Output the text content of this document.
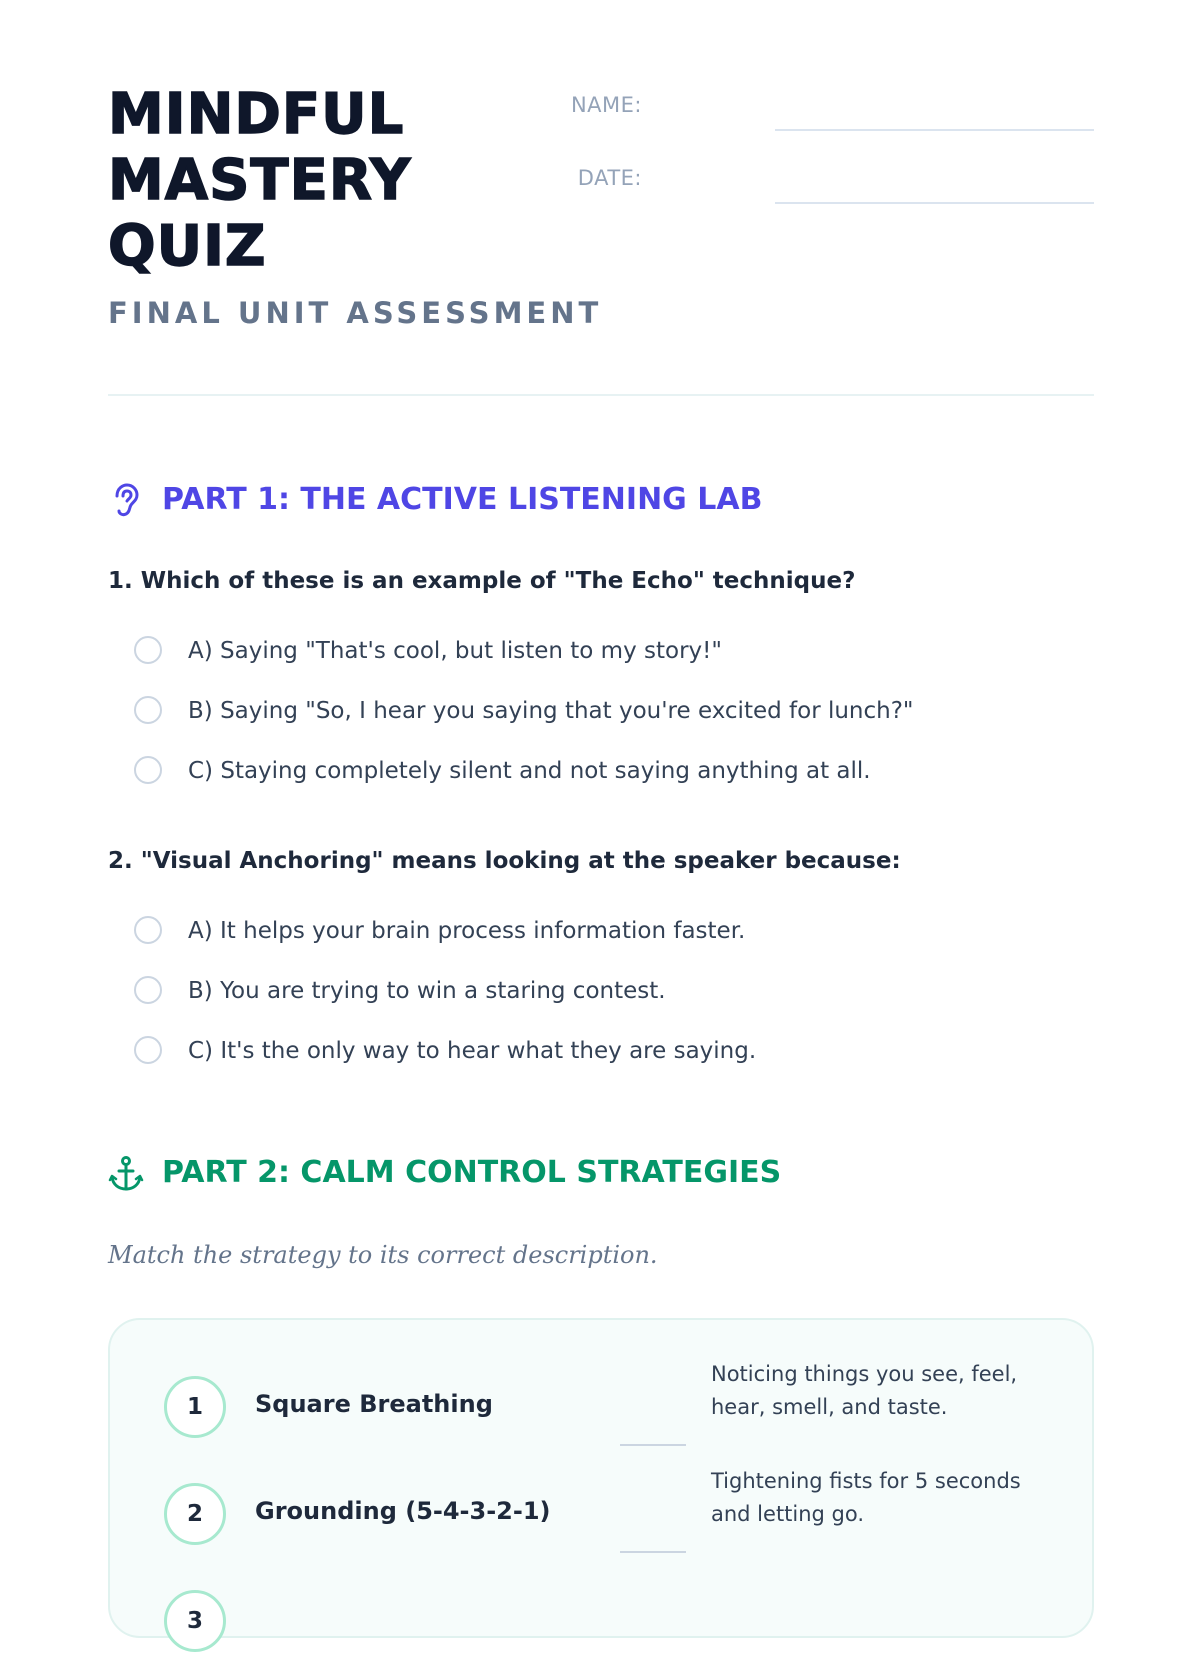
MINDFUL
MASTERY
QUIZ
FINAL UNIT ASSESSMENT
NAME:
DATE:
PART 1: THE ACTIVE LISTENING LAB
1. Which of these is an example of "The Echo" technique?
A) Saying "That's cool, but listen to my story!"
B) Saying "So, I hear you saying that you're excited for lunch?"
C) Staying completely silent and not saying anything at all.
2. "Visual Anchoring" means looking at the speaker because:
A) It helps your brain process information faster.
B) You are trying to win a staring contest.
C) It's the only way to hear what they are saying.
PART 2: CALM CONTROL STRATEGIES
Match the strategy to its correct description.
1	Square Breathing
Noticing things you see, feel, hear, smell, and taste.
2	Grounding (5-4-3-2-1)
Tightening fists for 5 seconds and letting go.
3
